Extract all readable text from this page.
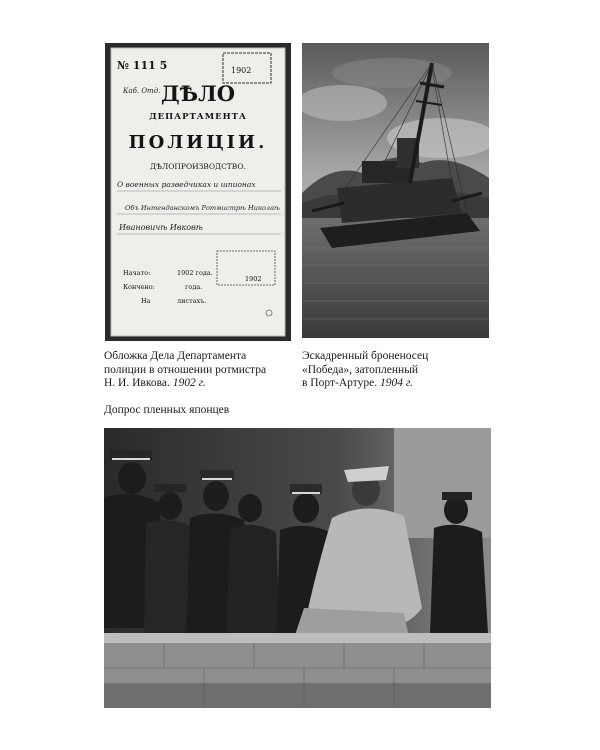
№ 111 5
Каб. Отд.
1902
ДѢЛО
ДЕПАРТАМЕНТА
ПОЛИЦIИ.
ДѢЛОПРОИЗВОДСТВО.
О военных разведчиках и шпионах
Объ Интенданскомъ Ротмистрѣ Николаѣ
Ивановичѣ Ивковѣ
Начато:	1902 года.
Кончено:	года.
На	листахъ.
1902
Обложка Дела Департамента
полиции в отношении ротмистра
Н. И. Ивкова. 1902 г.
Эскадренный броненосец
«Победа», затопленный
в Порт-Артуре. 1904 г.
Допрос пленных японцев
